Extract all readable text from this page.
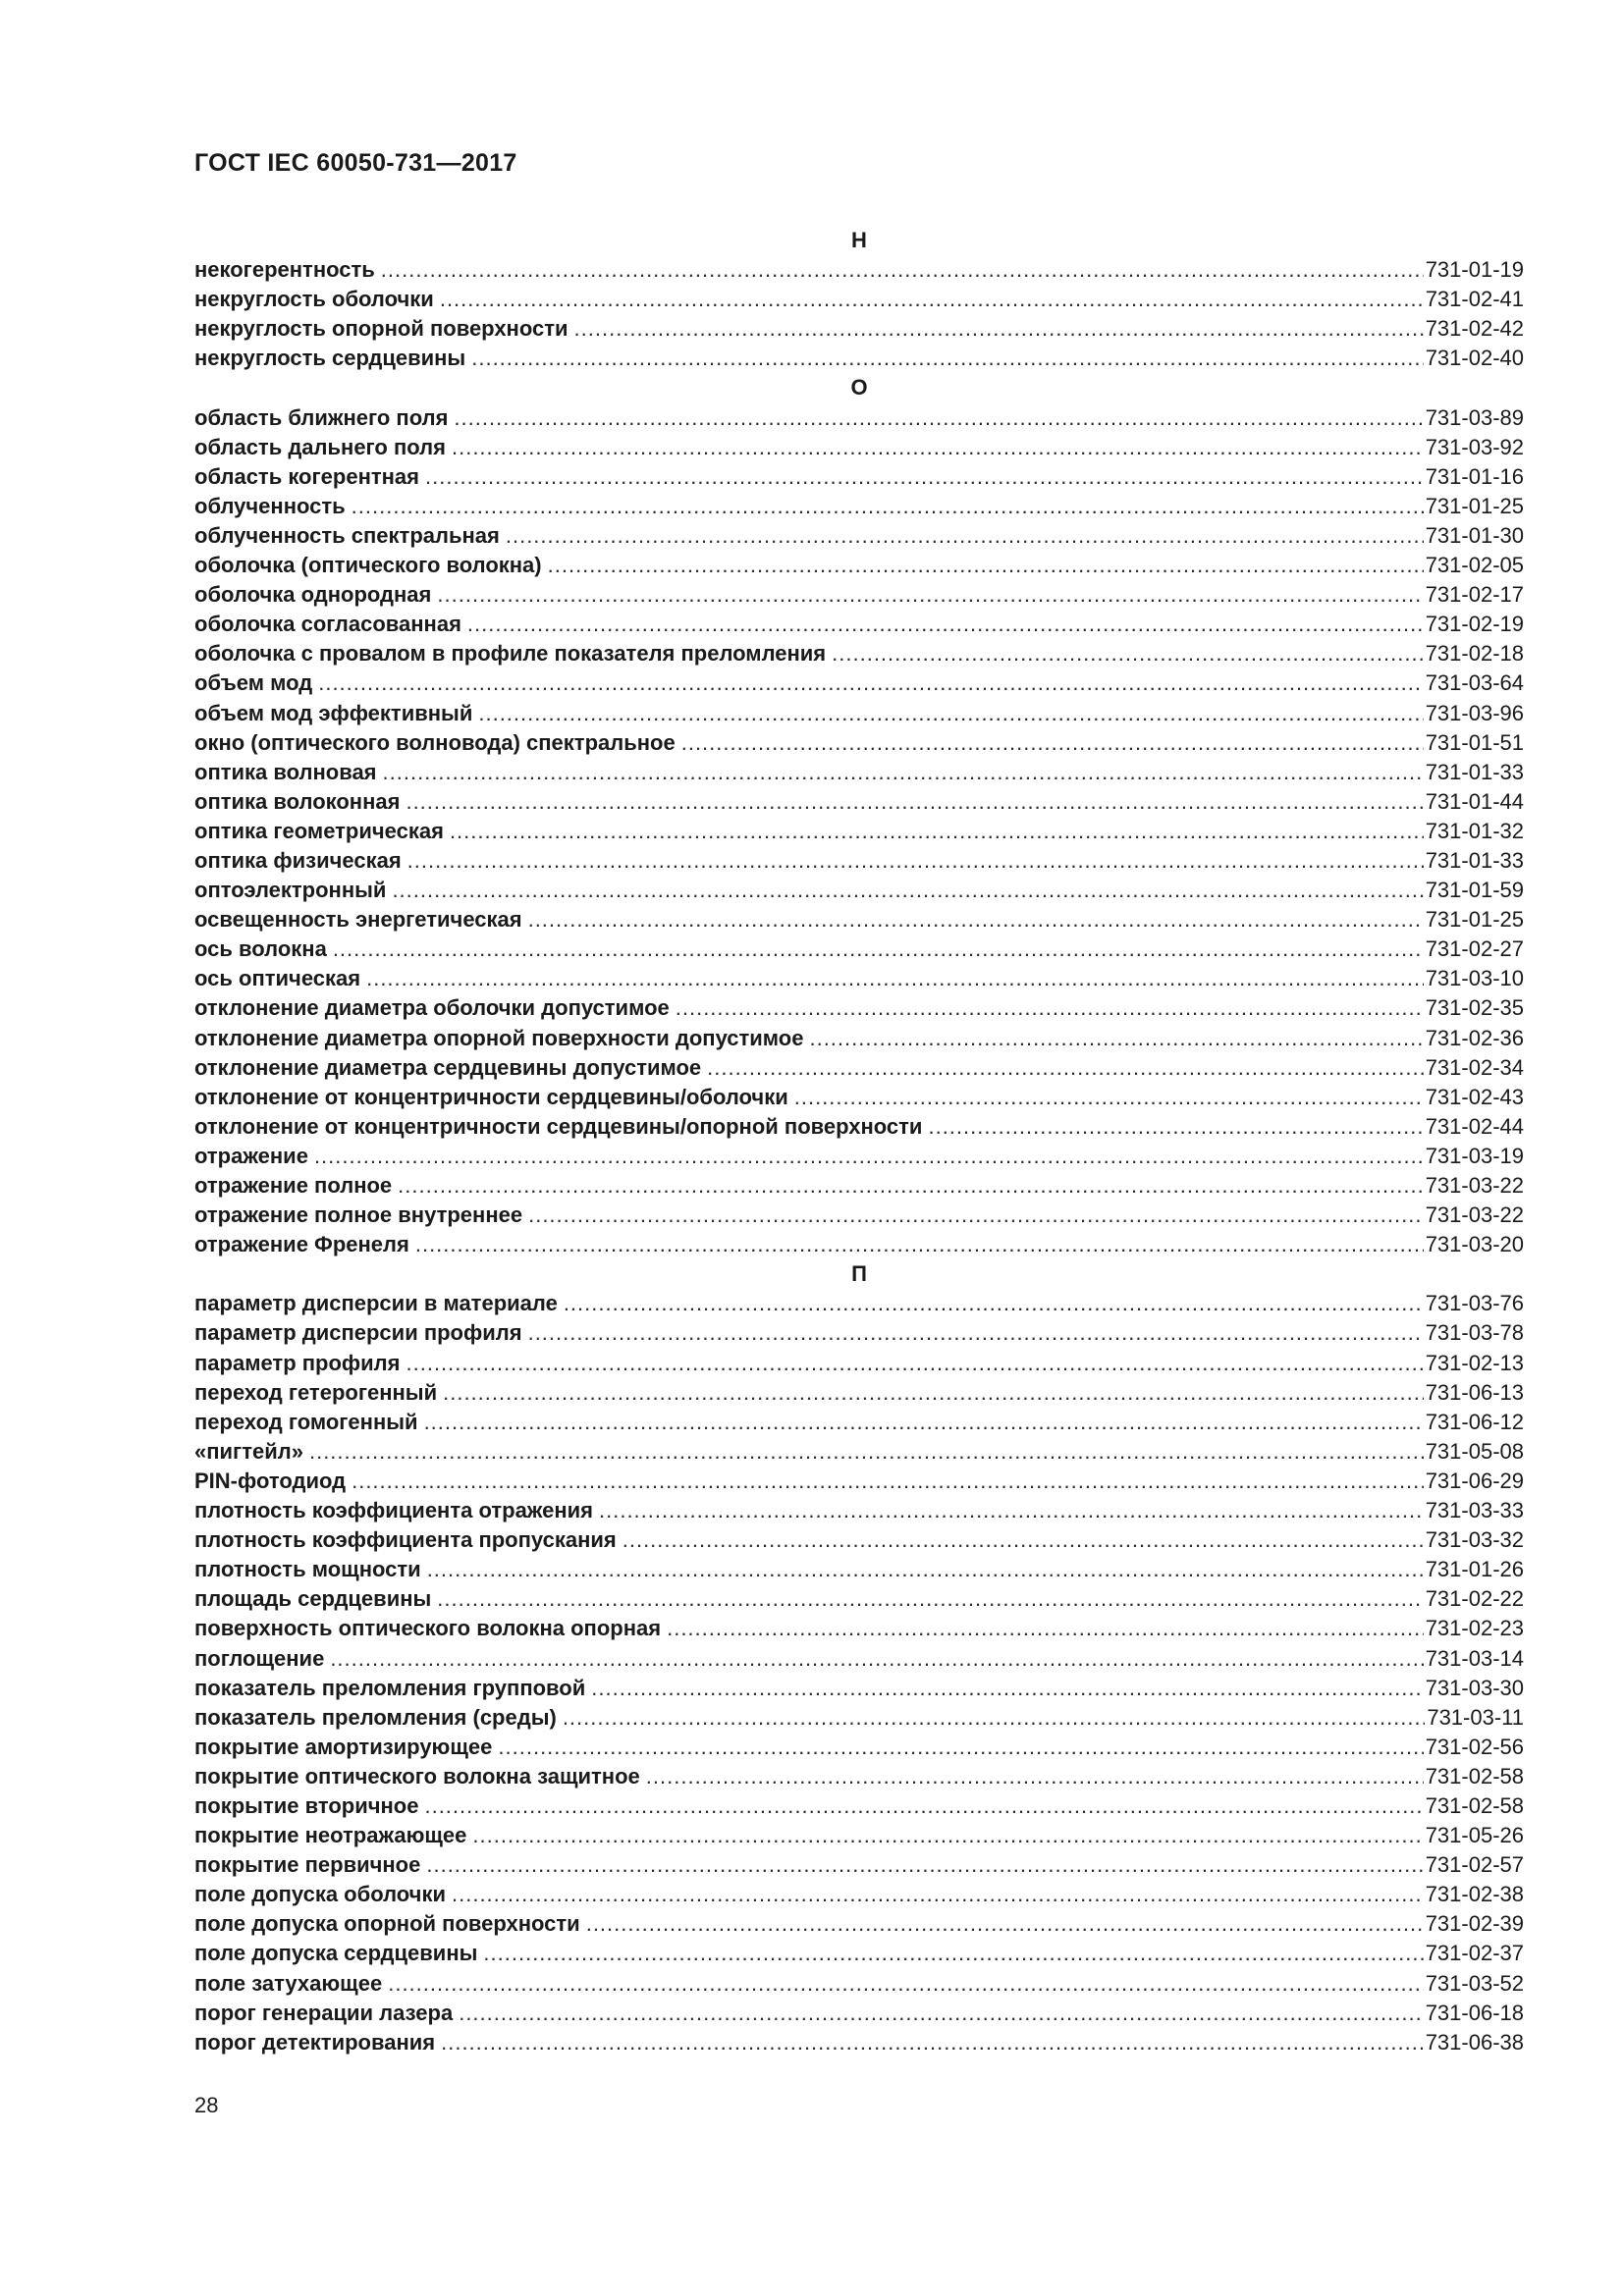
ГОСТ IEC 60050-731—2017
Н
некогерентность .....	731-01-19
некруглость оболочки .....	731-02-41
некруглость опорной поверхности .....	731-02-42
некруглость сердцевины .....	731-02-40
О
область ближнего поля .....	731-03-89
область дальнего поля .....	731-03-92
область когерентная .....	731-01-16
облученность .....	731-01-25
облученность спектральная .....	731-01-30
оболочка (оптического волокна) .....	731-02-05
оболочка однородная .....	731-02-17
оболочка согласованная .....	731-02-19
оболочка с провалом в профиле показателя преломления .....	731-02-18
объем мод .....	731-03-64
объем мод эффективный .....	731-03-96
окно (оптического волновода) спектральное .....	731-01-51
оптика волновая .....	731-01-33
оптика волоконная .....	731-01-44
оптика геометрическая .....	731-01-32
оптика физическая .....	731-01-33
оптоэлектронный .....	731-01-59
освещенность энергетическая .....	731-01-25
ось волокна .....	731-02-27
ось оптическая .....	731-03-10
отклонение диаметра оболочки допустимое .....	731-02-35
отклонение диаметра опорной поверхности допустимое .....	731-02-36
отклонение диаметра сердцевины допустимое .....	731-02-34
отклонение от концентричности сердцевины/оболочки .....	731-02-43
отклонение от концентричности сердцевины/опорной поверхности .....	731-02-44
отражение .....	731-03-19
отражение полное .....	731-03-22
отражение полное внутреннее .....	731-03-22
отражение Френеля .....	731-03-20
П
параметр дисперсии в материале .....	731-03-76
параметр дисперсии профиля .....	731-03-78
параметр профиля .....	731-02-13
переход гетерогенный .....	731-06-13
переход гомогенный .....	731-06-12
«пигтейл» .....	731-05-08
PIN-фотодиод .....	731-06-29
плотность коэффициента отражения .....	731-03-33
плотность коэффициента пропускания .....	731-03-32
плотность мощности .....	731-01-26
площадь сердцевины .....	731-02-22
поверхность оптического волокна опорная .....	731-02-23
поглощение .....	731-03-14
показатель преломления групповой .....	731-03-30
показатель преломления (среды) .....	731-03-11
покрытие амортизирующее .....	731-02-56
покрытие оптического волокна защитное .....	731-02-58
покрытие вторичное .....	731-02-58
покрытие неотражающее .....	731-05-26
покрытие первичное .....	731-02-57
поле допуска оболочки .....	731-02-38
поле допуска опорной поверхности .....	731-02-39
поле допуска сердцевины .....	731-02-37
поле затухающее .....	731-03-52
порог генерации лазера .....	731-06-18
порог детектирования .....	731-06-38
28
